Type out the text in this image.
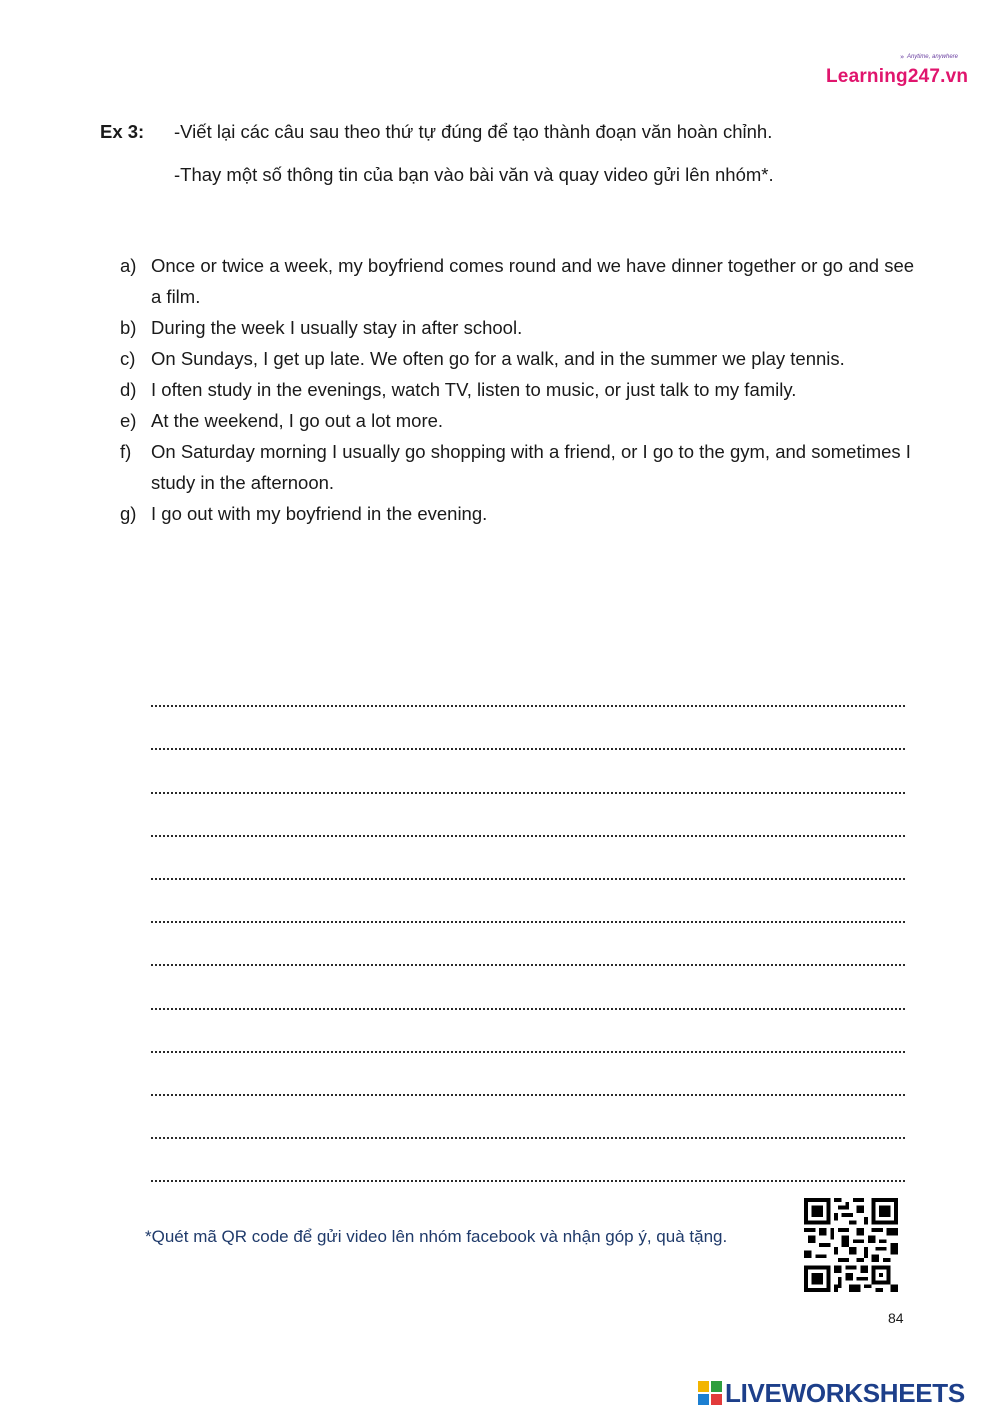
» Anytime, anywhere
Learning247.vn
Ex 3: -Viết lại các câu sau theo thứ tự đúng để tạo thành đoạn văn hoàn chỉnh.
-Thay một số thông tin của bạn vào bài văn và quay video gửi lên nhóm*.
a) Once or twice a week, my boyfriend comes round and we have dinner together or go and see a film.
b) During the week I usually stay in after school.
c) On Sundays, I get up late. We often go for a walk, and in the summer we play tennis.
d) I often study in the evenings, watch TV, listen to music, or just talk to my family.
e) At the weekend, I go out a lot more.
f) On Saturday morning I usually go shopping with a friend, or I go to the gym, and sometimes I study in the afternoon.
g) I go out with my boyfriend in the evening.
*Quét mã QR code để gửi video lên nhóm facebook và nhận góp ý, quà tặng.
84
LIVEWORKSHEETS
